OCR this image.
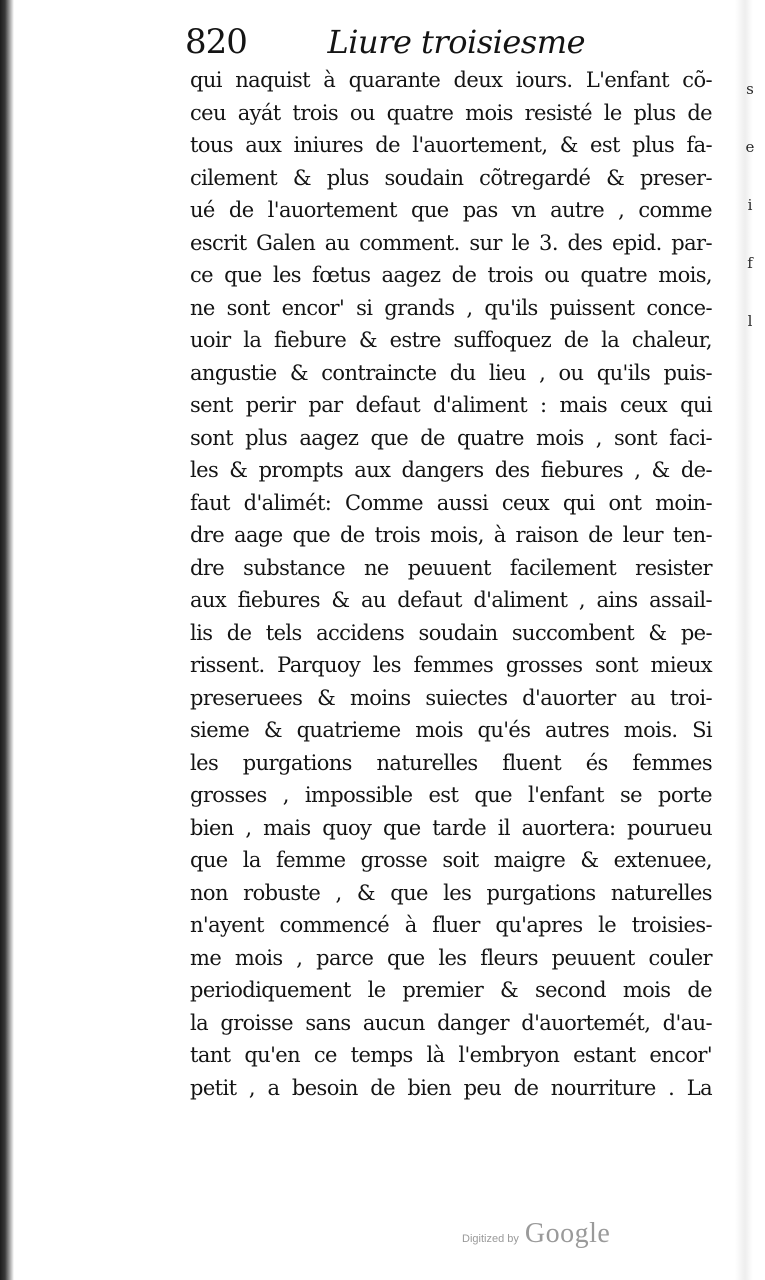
s
e
i
f
l
820	Liure troisiesme
qui naquist à quarante deux iours. L'enfant cõ-
ceu ayát trois ou quatre mois resisté le plus de
tous aux iniures de l'auortement, & est plus fa-
cilement & plus soudain cõtregardé & preser-
ué de l'auortement que pas vn autre , comme
escrit Galen au comment. sur le 3. des epid. par-
ce que les fœtus aagez de trois ou quatre mois,
ne sont encor' si grands , qu'ils puissent conce-
uoir la fiebure & estre suffoquez de la chaleur,
angustie & contraincte du lieu , ou qu'ils puis-
sent perir par defaut d'aliment : mais ceux qui
sont plus aagez que de quatre mois , sont faci-
les & prompts aux dangers des fiebures , & de-
faut d'alimét: Comme aussi ceux qui ont moin-
dre aage que de trois mois, à raison de leur ten-
dre substance ne peuuent facilement resister
aux fiebures & au defaut d'aliment , ains assail-
lis de tels accidens soudain succombent & pe-
rissent. Parquoy les femmes grosses sont mieux
preseruees & moins suiectes d'auorter au troi-
sieme & quatrieme mois qu'és autres mois. Si
les purgations naturelles fluent és femmes
grosses , impossible est que l'enfant se porte
bien , mais quoy que tarde il auortera: pourueu
que la femme grosse soit maigre & extenuee,
non robuste , & que les purgations naturelles
n'ayent commencé à fluer qu'apres le troisies-
me mois , parce que les fleurs peuuent couler
periodiquement le premier & second mois de
la groisse sans aucun danger d'auortemét, d'au-
tant qu'en ce temps là l'embryon estant encor'
petit , a besoin de bien peu de nourriture . La
Digitized by Google
